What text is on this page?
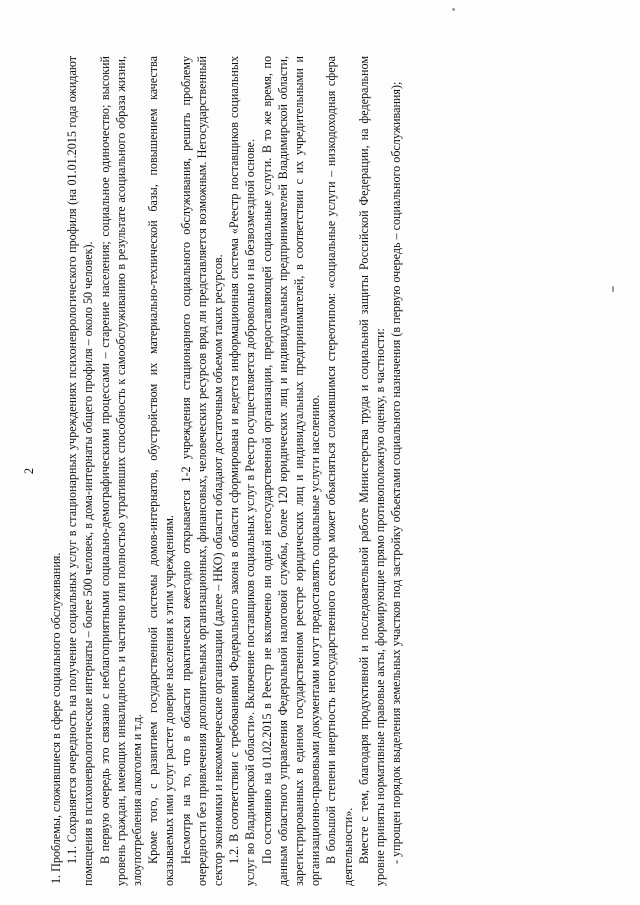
2

1. Проблемы, сложившиеся в сфере социального обслуживания. 1.1. Сохраняется очередность на получение социальных услуг в стационарных учреждениях психоневрологического профиля (на 01.01.2015 года ожидают помещения в психоневрологические интернаты – более 500 человек, в дома-интернаты общего профиля – около 50 человек). В первую очередь это связано с неблагоприятными социально-демографическими процессами – старение населения; социальное одиночество; высокий уровень граждан, имеющих инвалидность и частично или полностью утративших способность к самообслуживанию в результате асоциального образа жизни, злоупотребления алкоголем и т.д. Кроме того, с развитием государственной системы домов-интернатов, обустройством их материально-технической базы, повышением качества оказываемых ими услуг растет доверие населения к этим учреждениям. Несмотря на то, что в области практически ежегодно открывается 1-2 учреждения стационарного социального обслуживания, решить проблему очередности без привлечения дополнительных организационных, финансовых, человеческих ресурсов вряд ли представляется возможным. Негосударственный сектор экономики и некоммерческие организации (далее – НКО) области обладают достаточным объемом таких ресурсов. 1.2. В соответствии с требованиями Федерального закона в области сформирована и ведется информационная система «Реестр поставщиков социальных услуг во Владимирской области». Включение поставщиков социальных услуг в Реестр осуществляется добровольно и на безвозмездной основе. По состоянию на 01.02.2015 в Реестр не включено ни одной негосударственной организации, предоставляющей социальные услуги. В то же время, по данным областного управления Федеральной налоговой службы, более 120 юридических лиц и индивидуальных предпринимателей Владимирской области, зарегистрированных в едином государственном реестре юридических лиц и индивидуальных предпринимателей, в соответствии с их учредительными и организационно-правовыми документами могут предоставлять социальные услуги населению. В большой степени инертность негосударственного сектора может объясняться сложившимся стереотипом: «социальные услуги – низкодоходная сфера деятельности». Вместе с тем, благодаря продуктивной и последовательной работе Министерства труда и социальной защиты Российской Федерации, на федеральном уровне приняты нормативные правовые акты, формирующие прямо противоположную оценку, в частности: - упрощен порядок выделения земельных участков под застройку объектами социального назначения (в первую очередь – социального обслуживания);
